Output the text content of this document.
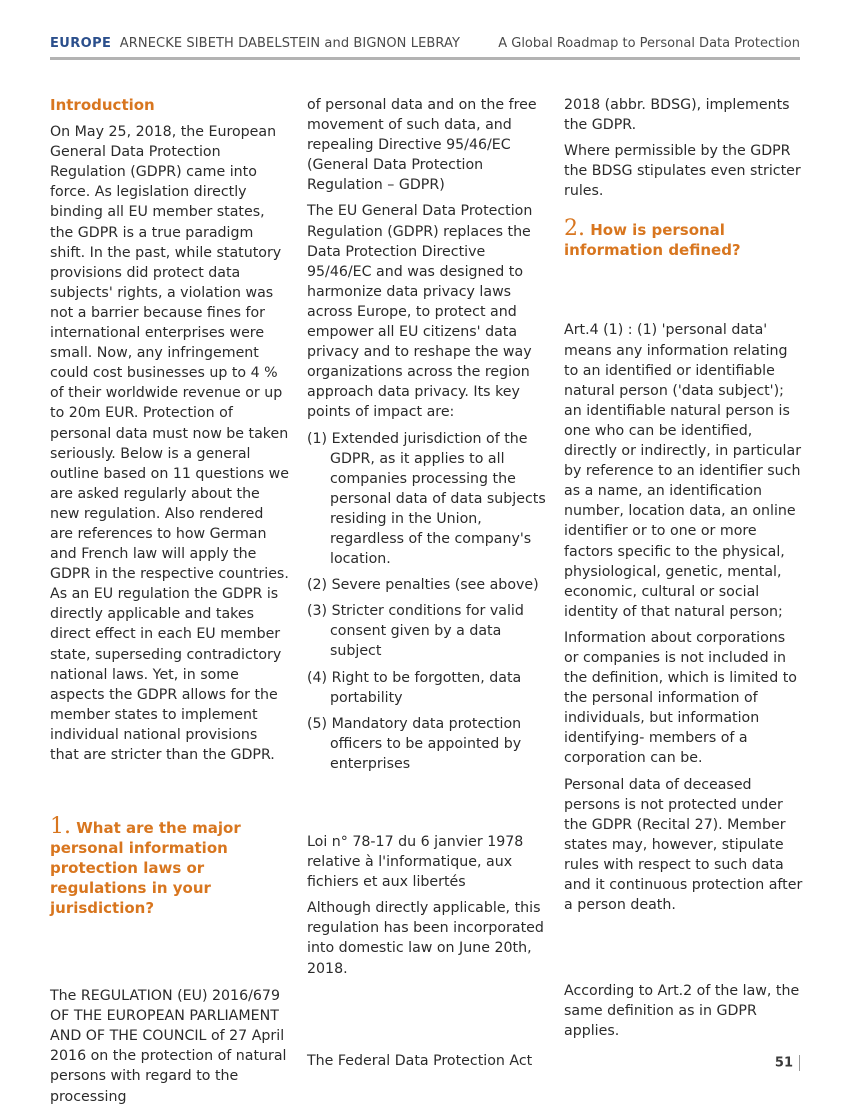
EUROPE ARNECKE SIBETH DABELSTEIN and BIGNON LEBRAY	A Global Roadmap to Personal Data Protection
Introduction

On May 25, 2018, the European General Data Protection Regulation (GDPR) came into force. As legislation directly binding all EU member states, the GDPR is a true paradigm shift. In the past, while statutory provisions did protect data subjects' rights, a violation was not a barrier because fines for international enterprises were small. Now, any infringement could cost businesses up to 4 % of their worldwide revenue or up to 20m EUR. Protection of personal data must now be taken seriously. Below is a general outline based on 11 questions we are asked regularly about the new regulation. Also rendered are references to how German and French law will apply the GDPR in the respective countries. As an EU regulation the GDPR is directly applicable and takes direct effect in each EU member state, superseding contradictory national laws. Yet, in some aspects the GDPR allows for the member states to implement individual national provisions that are stricter than the GDPR.

1. What are the major personal information protection laws or regulations in your jurisdiction?

The REGULATION (EU) 2016/679 OF THE EUROPEAN PARLIAMENT AND OF THE COUNCIL of 27 April 2016 on the protection of natural persons with regard to the processing

of personal data and on the free movement of such data, and repealing Directive 95/46/EC (General Data Protection Regulation – GDPR)

The EU General Data Protection Regulation (GDPR) replaces the Data Protection Directive 95/46/EC and was designed to harmonize data privacy laws across Europe, to protect and empower all EU citizens' data privacy and to reshape the way organizations across the region approach data privacy. Its key points of impact are:

(1) Extended jurisdiction of the GDPR, as it applies to all companies processing the personal data of data subjects residing in the Union, regardless of the company's location.
(2) Severe penalties (see above)
(3) Stricter conditions for valid consent given by a data subject
(4) Right to be forgotten, data portability
(5) Mandatory data protection officers to be appointed by enterprises

Loi n° 78-17 du 6 janvier 1978 relative à l'informatique, aux fichiers et aux libertés

Although directly applicable, this regulation has been incorporated into domestic law on June 20th, 2018.

The Federal Data Protection Act

2018 (abbr. BDSG), implements the GDPR.

Where permissible by the GDPR the BDSG stipulates even stricter rules.

2. How is personal information defined?

Art.4 (1) : (1) 'personal data' means any information relating to an identified or identifiable natural person ('data subject'); an identifiable natural person is one who can be identified, directly or indirectly, in particular by reference to an identifier such as a name, an identification number, location data, an online identifier or to one or more factors specific to the physical, physiological, genetic, mental, economic, cultural or social identity of that natural person;

Information about corporations or companies is not included in the definition, which is limited to the personal information of individuals, but information identifying- members of a corporation can be.

Personal data of deceased persons is not protected under the GDPR (Recital 27). Member states may, however, stipulate rules with respect to such data and it continuous protection after a person death.

According to Art.2 of the law, the same definition as in GDPR applies.

51
